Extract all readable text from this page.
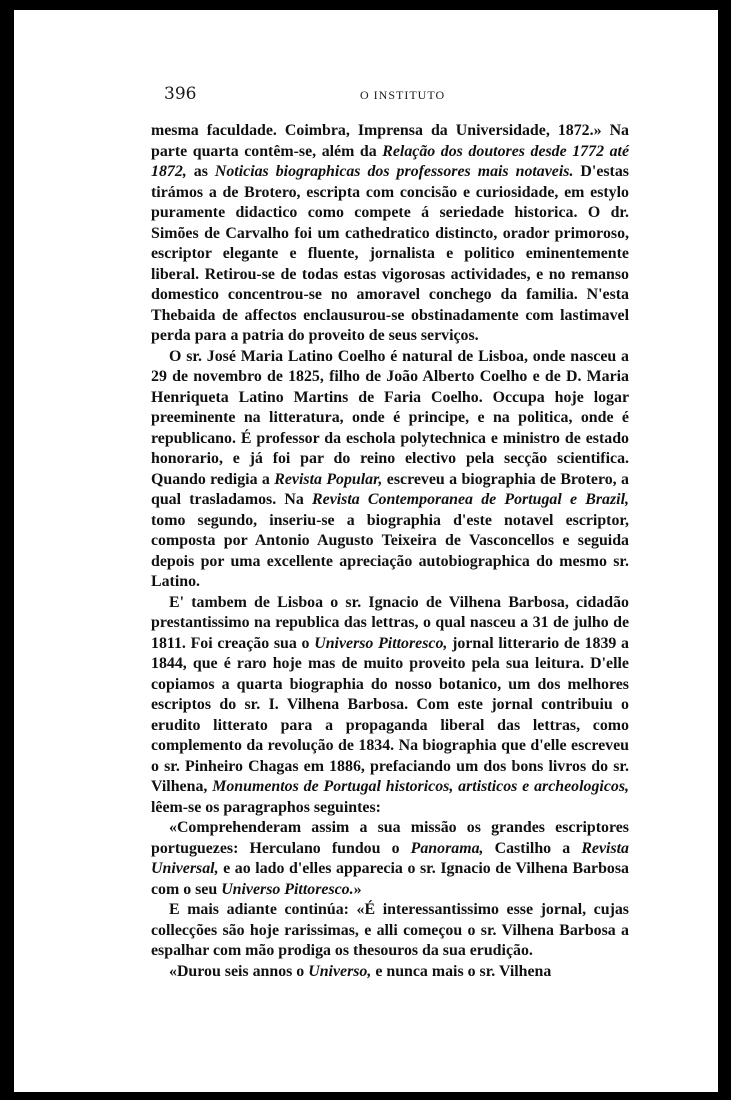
396	O INSTITUTO

mesma faculdade. Coimbra, Imprensa da Universidade, 1872.» Na parte quarta contêm-se, além da Relação dos doutores desde 1772 até 1872, as Noticias biographicas dos professores mais notaveis. D'estas tirámos a de Brotero, escripta com concisão e curiosidade, em estylo puramente didactico como compete á seriedade historica. O dr. Simões de Carvalho foi um cathedratico distincto, orador primoroso, escriptor elegante e fluente, jornalista e politico eminentemente liberal. Retirou-se de todas estas vigorosas actividades, e no remanso domestico concentrou-se no amoravel conchego da familia. N'esta Thebaida de affectos enclausurou-se obstinadamente com lastimavel perda para a patria do proveito de seus serviços.

O sr. José Maria Latino Coelho é natural de Lisboa, onde nasceu a 29 de novembro de 1825, filho de João Alberto Coelho e de D. Maria Henriqueta Latino Martins de Faria Coelho. Occupa hoje logar preeminente na litteratura, onde é principe, e na politica, onde é republicano. É professor da eschola polytechnica e ministro de estado honorario, e já foi par do reino electivo pela secção scientifica. Quando redigia a Revista Popular, escreveu a biographia de Brotero, a qual trasladamos. Na Revista Contemporanea de Portugal e Brazil, tomo segundo, inseriu-se a biographia d'este notavel escriptor, composta por Antonio Augusto Teixeira de Vasconcellos e seguida depois por uma excellente apreciação autobiographica do mesmo sr. Latino.

E' tambem de Lisboa o sr. Ignacio de Vilhena Barbosa, cidadão prestantissimo na republica das lettras, o qual nasceu a 31 de julho de 1811. Foi creação sua o Universo Pittoresco, jornal litterario de 1839 a 1844, que é raro hoje mas de muito proveito pela sua leitura. D'elle copiamos a quarta biographia do nosso botanico, um dos melhores escriptos do sr. I. Vilhena Barbosa. Com este jornal contribuiu o erudito litterato para a propaganda liberal das lettras, como complemento da revolução de 1834. Na biographia que d'elle escreveu o sr. Pinheiro Chagas em 1886, prefaciando um dos bons livros do sr. Vilhena, Monumentos de Portugal historicos, artisticos e archeologicos, lêem-se os paragraphos seguintes:

«Comprehenderam assim a sua missão os grandes escriptores portuguezes: Herculano fundou o Panorama, Castilho a Revista Universal, e ao lado d'elles apparecia o sr. Ignacio de Vilhena Barbosa com o seu Universo Pittoresco.»

E mais adiante continúa: «É interessantissimo esse jornal, cujas collecções são hoje rarissimas, e alli começou o sr. Vilhena Barbosa a espalhar com mão prodiga os thesouros da sua erudição.

«Durou seis annos o Universo, e nunca mais o sr. Vilhena
